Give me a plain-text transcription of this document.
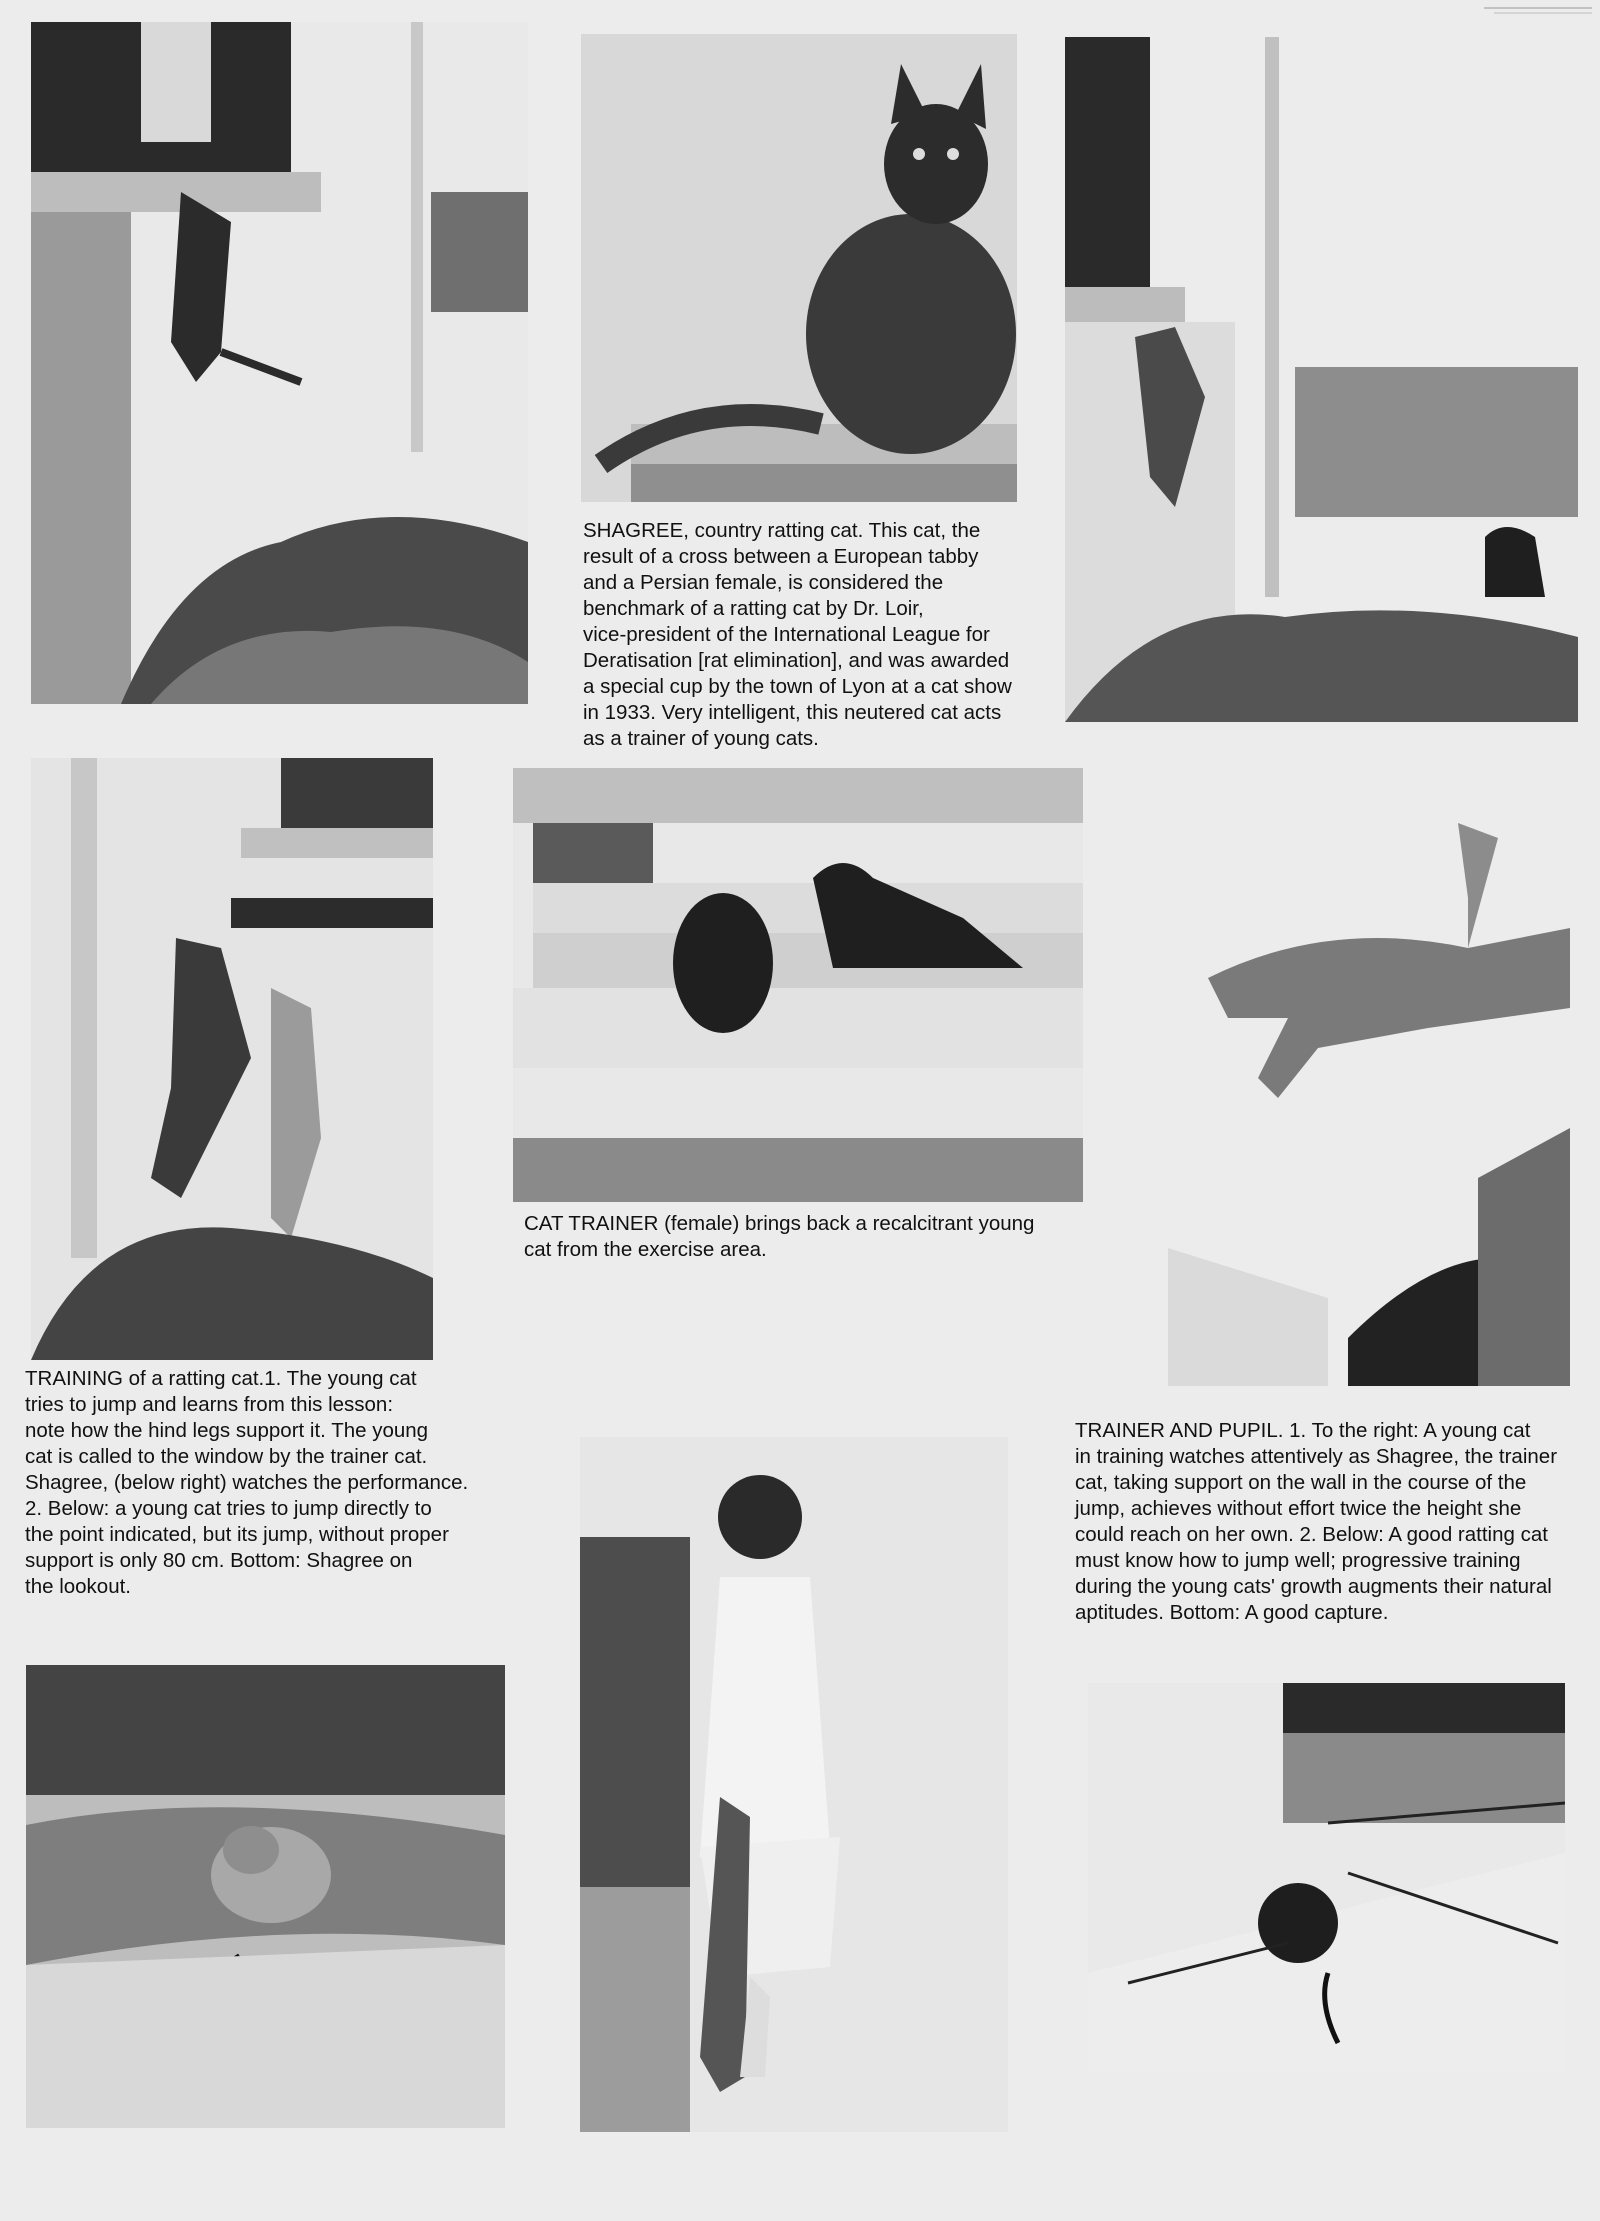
SHAGREE, country ratting cat. This cat, the
result of a cross between a European tabby
and a Persian female, is considered the
benchmark of a ratting cat by Dr. Loir,
vice-president of the International League for
Deratisation [rat elimination], and was awarded
a special cup by the town of Lyon at a cat show
in 1933. Very intelligent, this neutered cat acts
as a trainer of young cats.

CAT TRAINER (female) brings back a recalcitrant young
cat from the exercise area.

TRAINING of a ratting cat.1. The young cat
tries to jump and learns from this lesson:
note how the hind legs support it. The young
cat is called to the window by the trainer cat.
Shagree, (below right) watches the performance.
2. Below: a young cat tries to jump directly to
the point indicated, but its jump, without proper
support is only 80 cm. Bottom: Shagree on
the lookout.

TRAINER AND PUPIL. 1. To the right: A young cat
in training watches attentively as Shagree, the trainer
cat, taking support on the wall in the course of the
jump, achieves without effort twice the height she
could reach on her own. 2. Below: A good ratting cat
must know how to jump well; progressive training
during the young cats' growth augments their natural
aptitudes. Bottom: A good capture.
